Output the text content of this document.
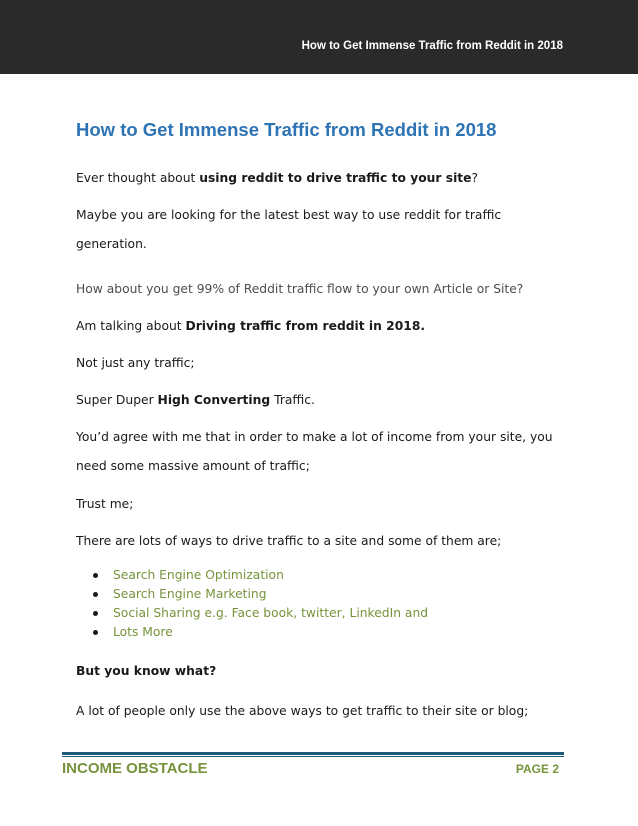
How to Get Immense Traffic from Reddit in 2018
How to Get Immense Traffic from Reddit in 2018
Ever thought about using reddit to drive traffic to your site?
Maybe you are looking for the latest best way to use reddit for traffic generation.
How about you get 99% of Reddit traffic flow to your own Article or Site?
Am talking about Driving traffic from reddit in 2018.
Not just any traffic;
Super Duper High Converting Traffic.
You’d agree with me that in order to make a lot of income from your site, you need some massive amount of traffic;
Trust me;
There are lots of ways to drive traffic to a site and some of them are;
Search Engine Optimization
Search Engine Marketing
Social Sharing e.g. Face book, twitter, LinkedIn and
Lots More
But you know what?
A lot of people only use the above ways to get traffic to their site or blog;
INCOME OBSTACLE	PAGE 2
